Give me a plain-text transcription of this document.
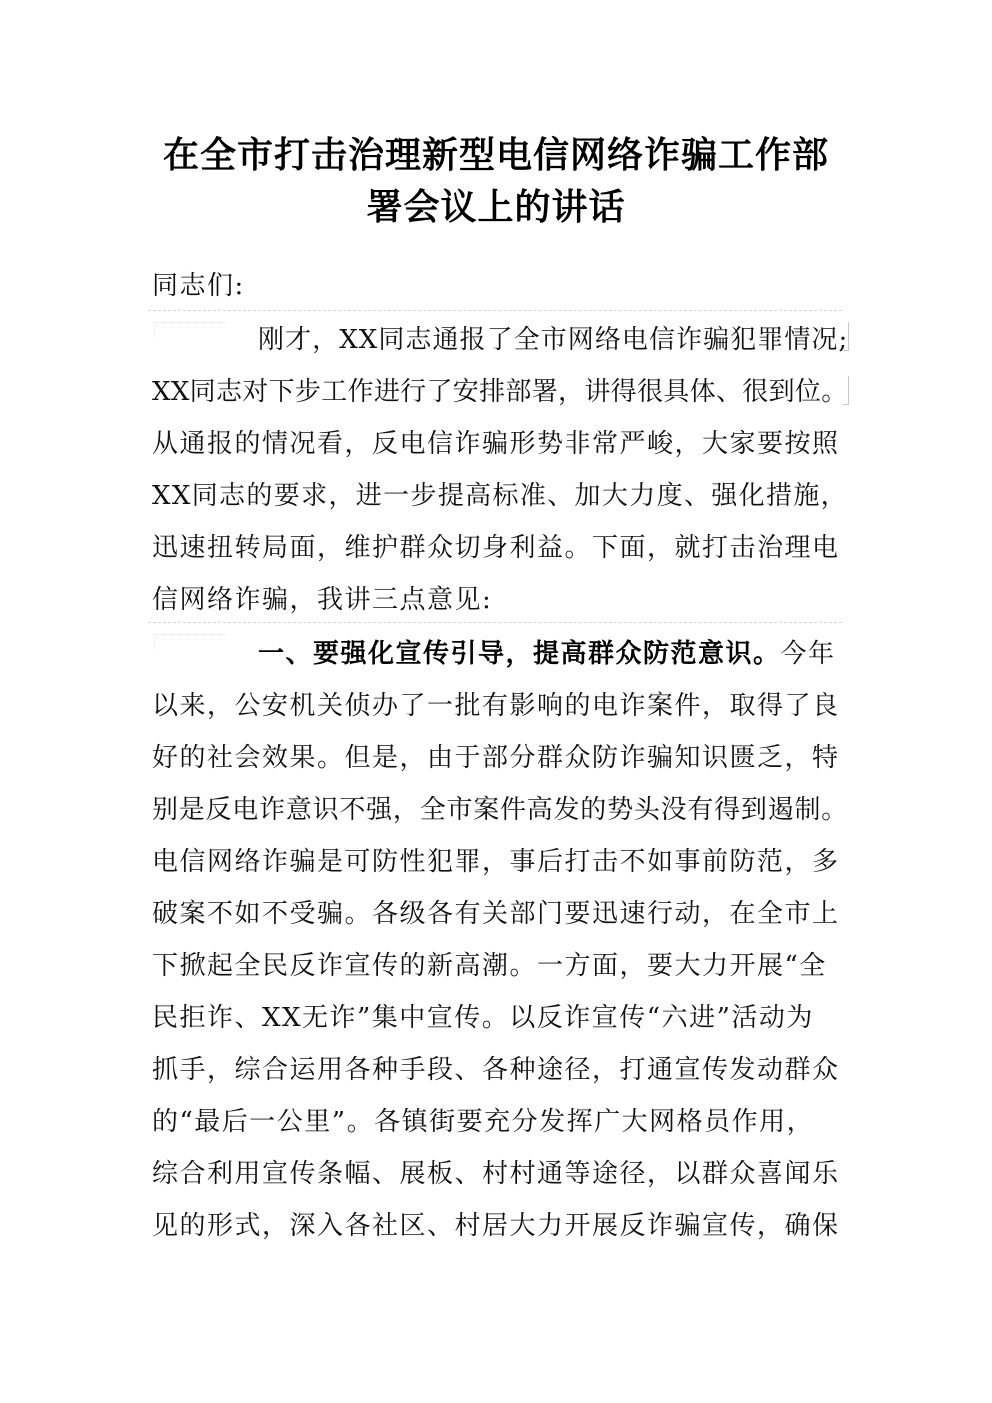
在全市打击治理新型电信网络诈骗工作部
署会议上的讲话
同志们:
刚才，XX同志通报了全市网络电信诈骗犯罪情况;
XX同志对下步工作进行了安排部署，讲得很具体、很到位。
从通报的情况看，反电信诈骗形势非常严峻，大家要按照
XX同志的要求，进一步提高标准、加大力度、强化措施，
迅速扭转局面，维护群众切身利益。下面，就打击治理电
信网络诈骗，我讲三点意见:
一、要强化宣传引导，提高群众防范意识。今年
以来，公安机关侦办了一批有影响的电诈案件，取得了良
好的社会效果。但是，由于部分群众防诈骗知识匮乏，特
别是反电诈意识不强，全市案件高发的势头没有得到遏制。
电信网络诈骗是可防性犯罪，事后打击不如事前防范，多
破案不如不受骗。各级各有关部门要迅速行动，在全市上
下掀起全民反诈宣传的新高潮。一方面，要大力开展“全
民拒诈、XX无诈”集中宣传。以反诈宣传“六进”活动为
抓手，综合运用各种手段、各种途径，打通宣传发动群众
的“最后一公里”。各镇街要充分发挥广大网格员作用，
综合利用宣传条幅、展板、村村通等途径，以群众喜闻乐
见的形式，深入各社区、村居大力开展反诈骗宣传，确保
